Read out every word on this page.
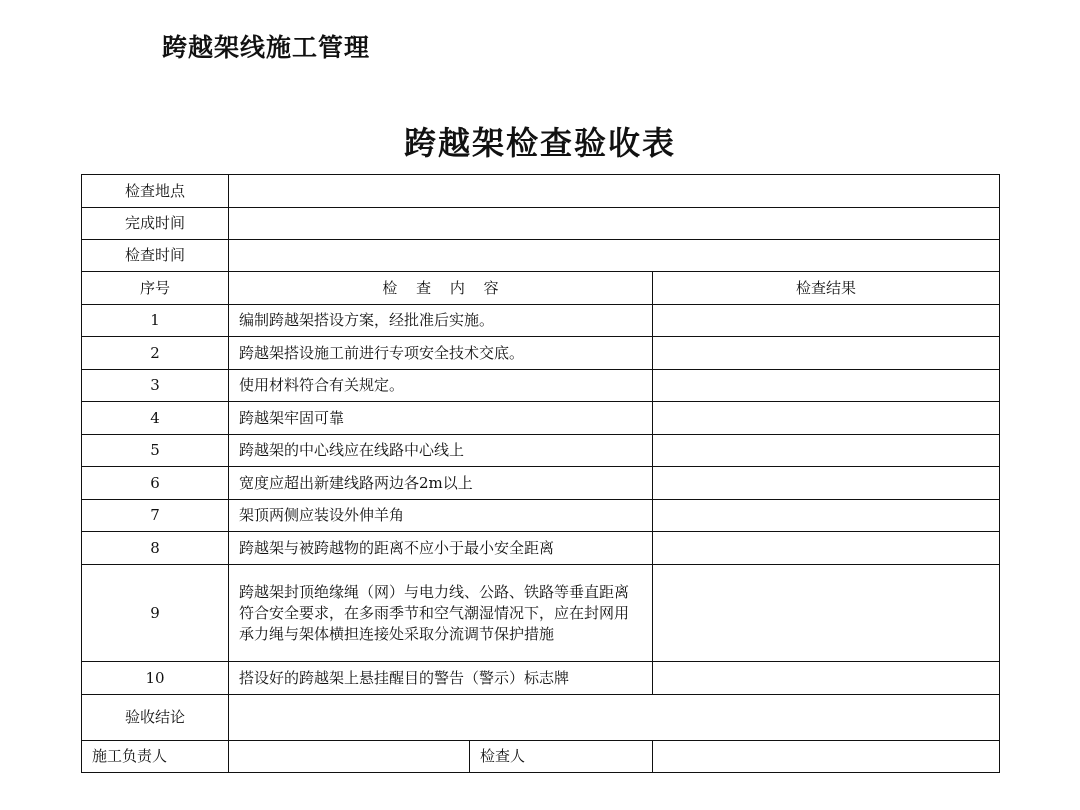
跨越架线施工管理
跨越架检查验收表
检查地点			
完成时间			
检查时间			
序号	检 查 内 容		检查结果
1	编制跨越架搭设方案，经批准后实施。		
2	跨越架搭设施工前进行专项安全技术交底。		
3	使用材料符合有关规定。		
4	跨越架牢固可靠		
5	跨越架的中心线应在线路中心线上		
6	宽度应超出新建线路两边各2m以上		
7	架顶两侧应装设外伸羊角		
8	跨越架与被跨越物的距离不应小于最小安全距离		
9	跨越架封顶绝缘绳（网）与电力线、公路、铁路等垂直距离符合安全要求，在多雨季节和空气潮湿情况下，应在封网用承力绳与架体横担连接处采取分流调节保护措施		
10	搭设好的跨越架上悬挂醒目的警告（警示）标志牌		
验收结论			
施工负责人		检查人	
